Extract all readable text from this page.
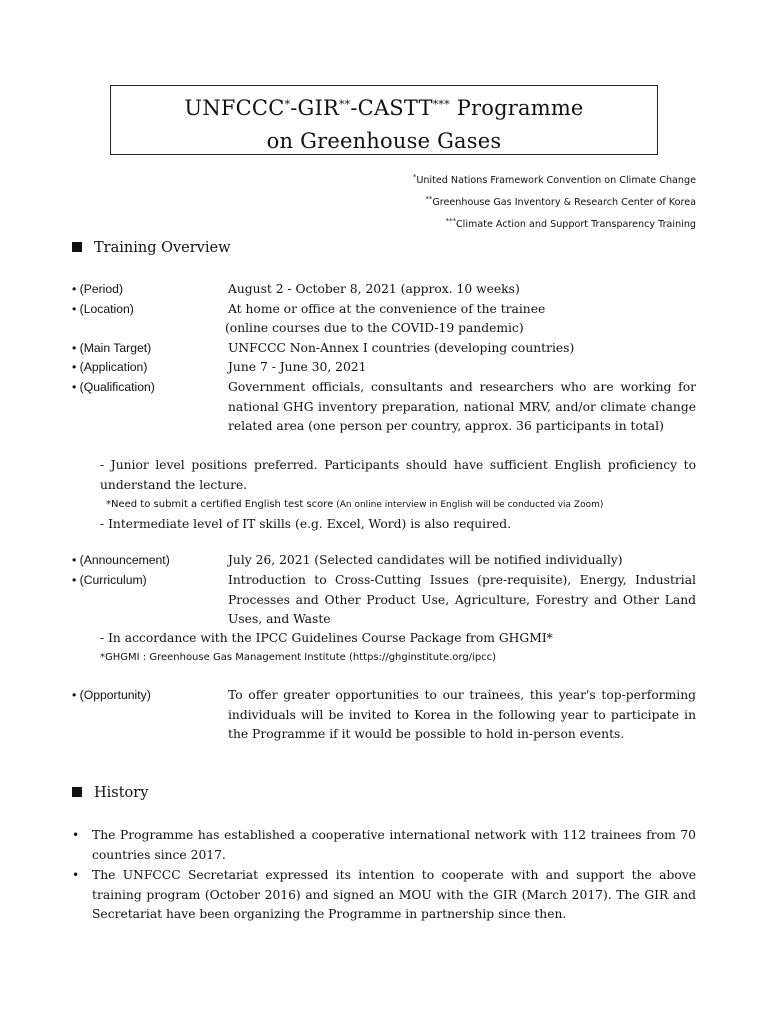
UNFCCC*-GIR**-CASTT*** Programme
on Greenhouse Gases
*United Nations Framework Convention on Climate Change
**Greenhouse Gas Inventory & Research Center of Korea
***Climate Action and Support Transparency Training
Training Overview
• (Period)	August 2 - October 8, 2021 (approx. 10 weeks)
• (Location)	At home or office at the convenience of the trainee
(online courses due to the COVID-19 pandemic)
• (Main Target)	UNFCCC Non-Annex I countries (developing countries)
• (Application)	June 7 - June 30, 2021
• (Qualification)	Government officials, consultants and researchers who are working for national GHG inventory preparation, national MRV, and/or climate change related area (one person per country, approx. 36 participants in total)
- Junior level positions preferred. Participants should have sufficient English proficiency to understand the lecture.
*Need to submit a certified English test score (An online interview in English will be conducted via Zoom)
- Intermediate level of IT skills (e.g. Excel, Word) is also required.
• (Announcement)	July 26, 2021 (Selected candidates will be notified individually)
• (Curriculum)	Introduction to Cross-Cutting Issues (pre-requisite), Energy, Industrial Processes and Other Product Use, Agriculture, Forestry and Other Land Uses, and Waste
- In accordance with the IPCC Guidelines Course Package from GHGMI*
*GHGMI : Greenhouse Gas Management Institute (https://ghginstitute.org/ipcc)
• (Opportunity)	To offer greater opportunities to our trainees, this year's top-performing individuals will be invited to Korea in the following year to participate in the Programme if it would be possible to hold in-person events.
History
• The Programme has established a cooperative international network with 112 trainees from 70 countries since 2017.
• The UNFCCC Secretariat expressed its intention to cooperate with and support the above training program (October 2016) and signed an MOU with the GIR (March 2017). The GIR and Secretariat have been organizing the Programme in partnership since then.
